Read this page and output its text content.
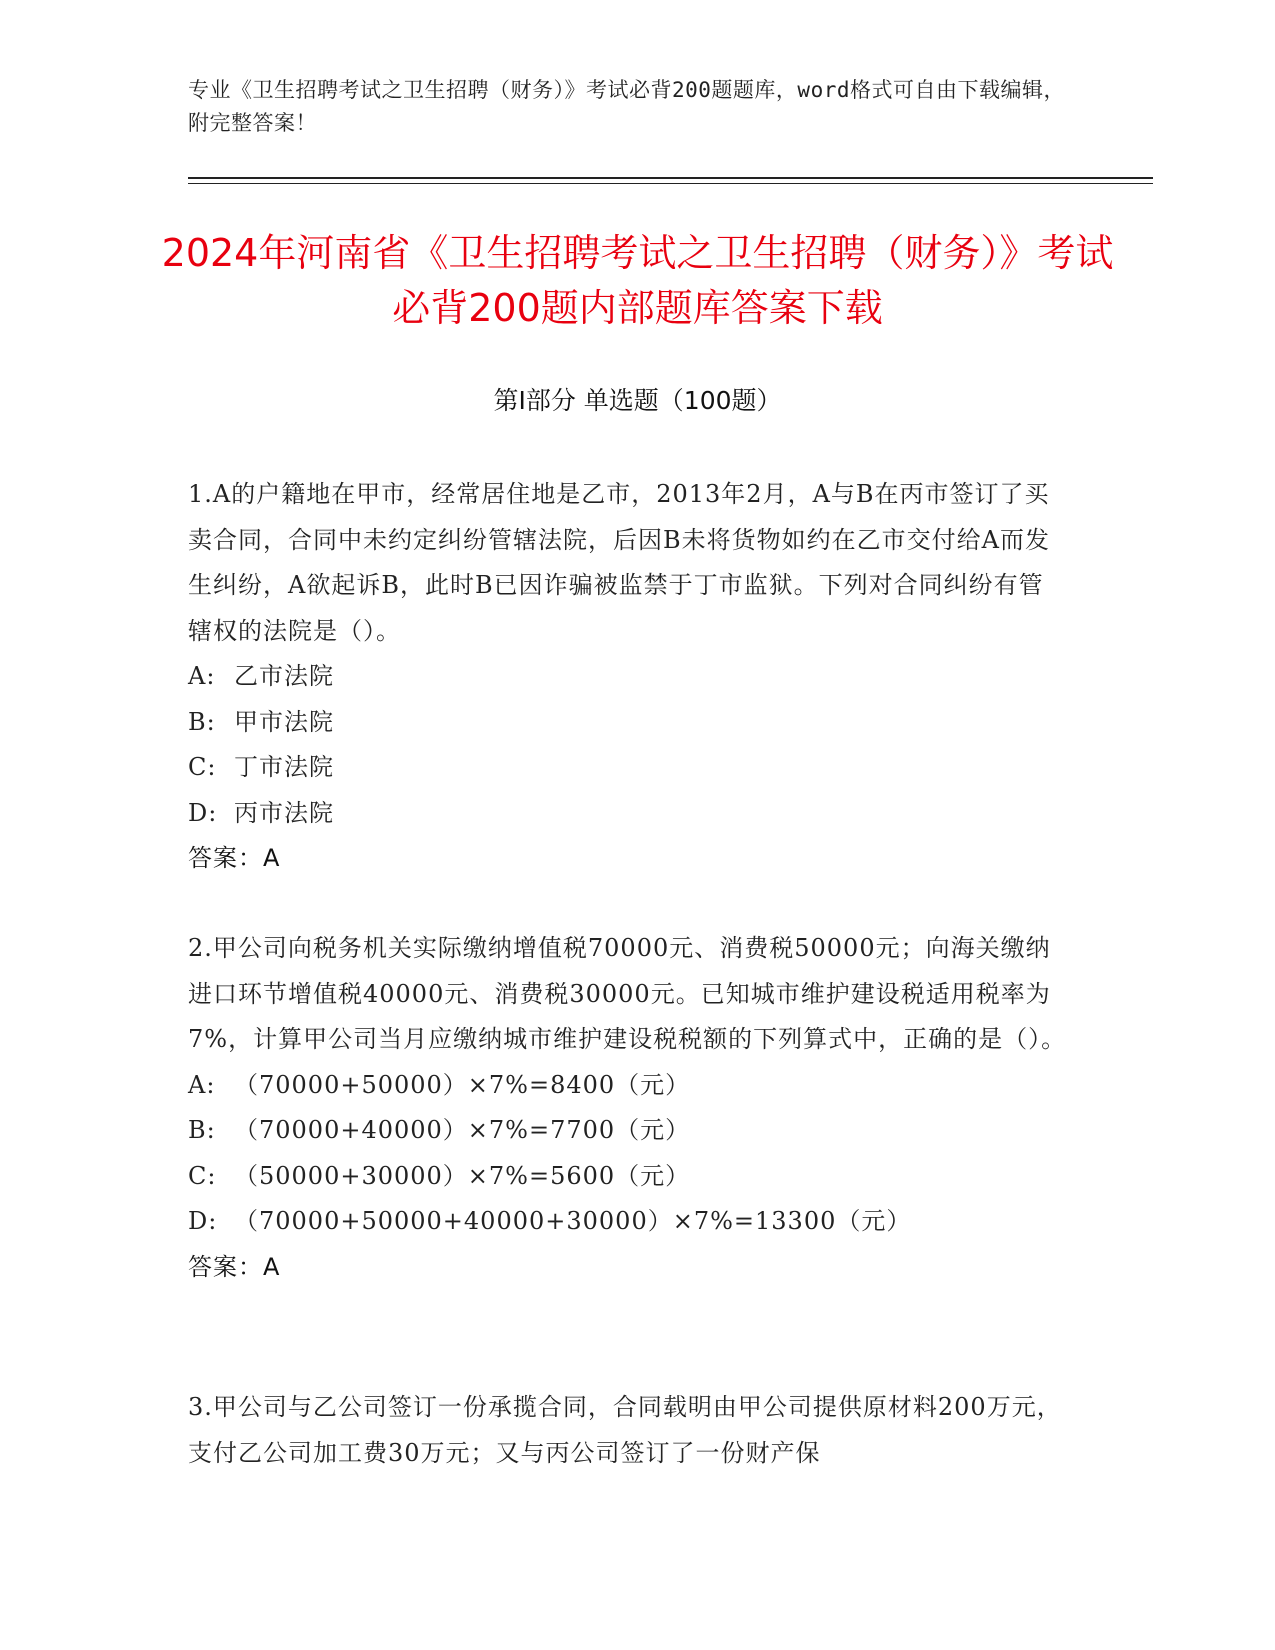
专业《卫生招聘考试之卫生招聘（财务）》考试必背200题题库，word格式可自由下载编辑，附完整答案！
2024年河南省《卫生招聘考试之卫生招聘（财务）》考试必背200题内部题库答案下载
第Ⅰ部分 单选题（100题）

1.A的户籍地在甲市，经常居住地是乙市，2013年2月，A与B在丙市签订了买卖合同，合同中未约定纠纷管辖法院，后因B未将货物如约在乙市交付给A而发生纠纷，A欲起诉B，此时B已因诈骗被监禁于丁市监狱。下列对合同纠纷有管辖权的法院是（）。

A: 乙市法院

B: 甲市法院

C: 丁市法院

D: 丙市法院

答案：A

2.甲公司向税务机关实际缴纳增值税70000元、消费税50000元；向海关缴纳进口环节增值税40000元、消费税30000元。已知城市维护建设税适用税率为7%，计算甲公司当月应缴纳城市维护建设税税额的下列算式中，正确的是（）。

A: （70000+50000）×7%=8400（元）

B: （70000+40000）×7%=7700（元）

C: （50000+30000）×7%=5600（元）

D: （70000+50000+40000+30000）×7%=13300（元）

答案：A

3.甲公司与乙公司签订一份承揽合同，合同载明由甲公司提供原材料200万元，支付乙公司加工费30万元；又与丙公司签订了一份财产保
